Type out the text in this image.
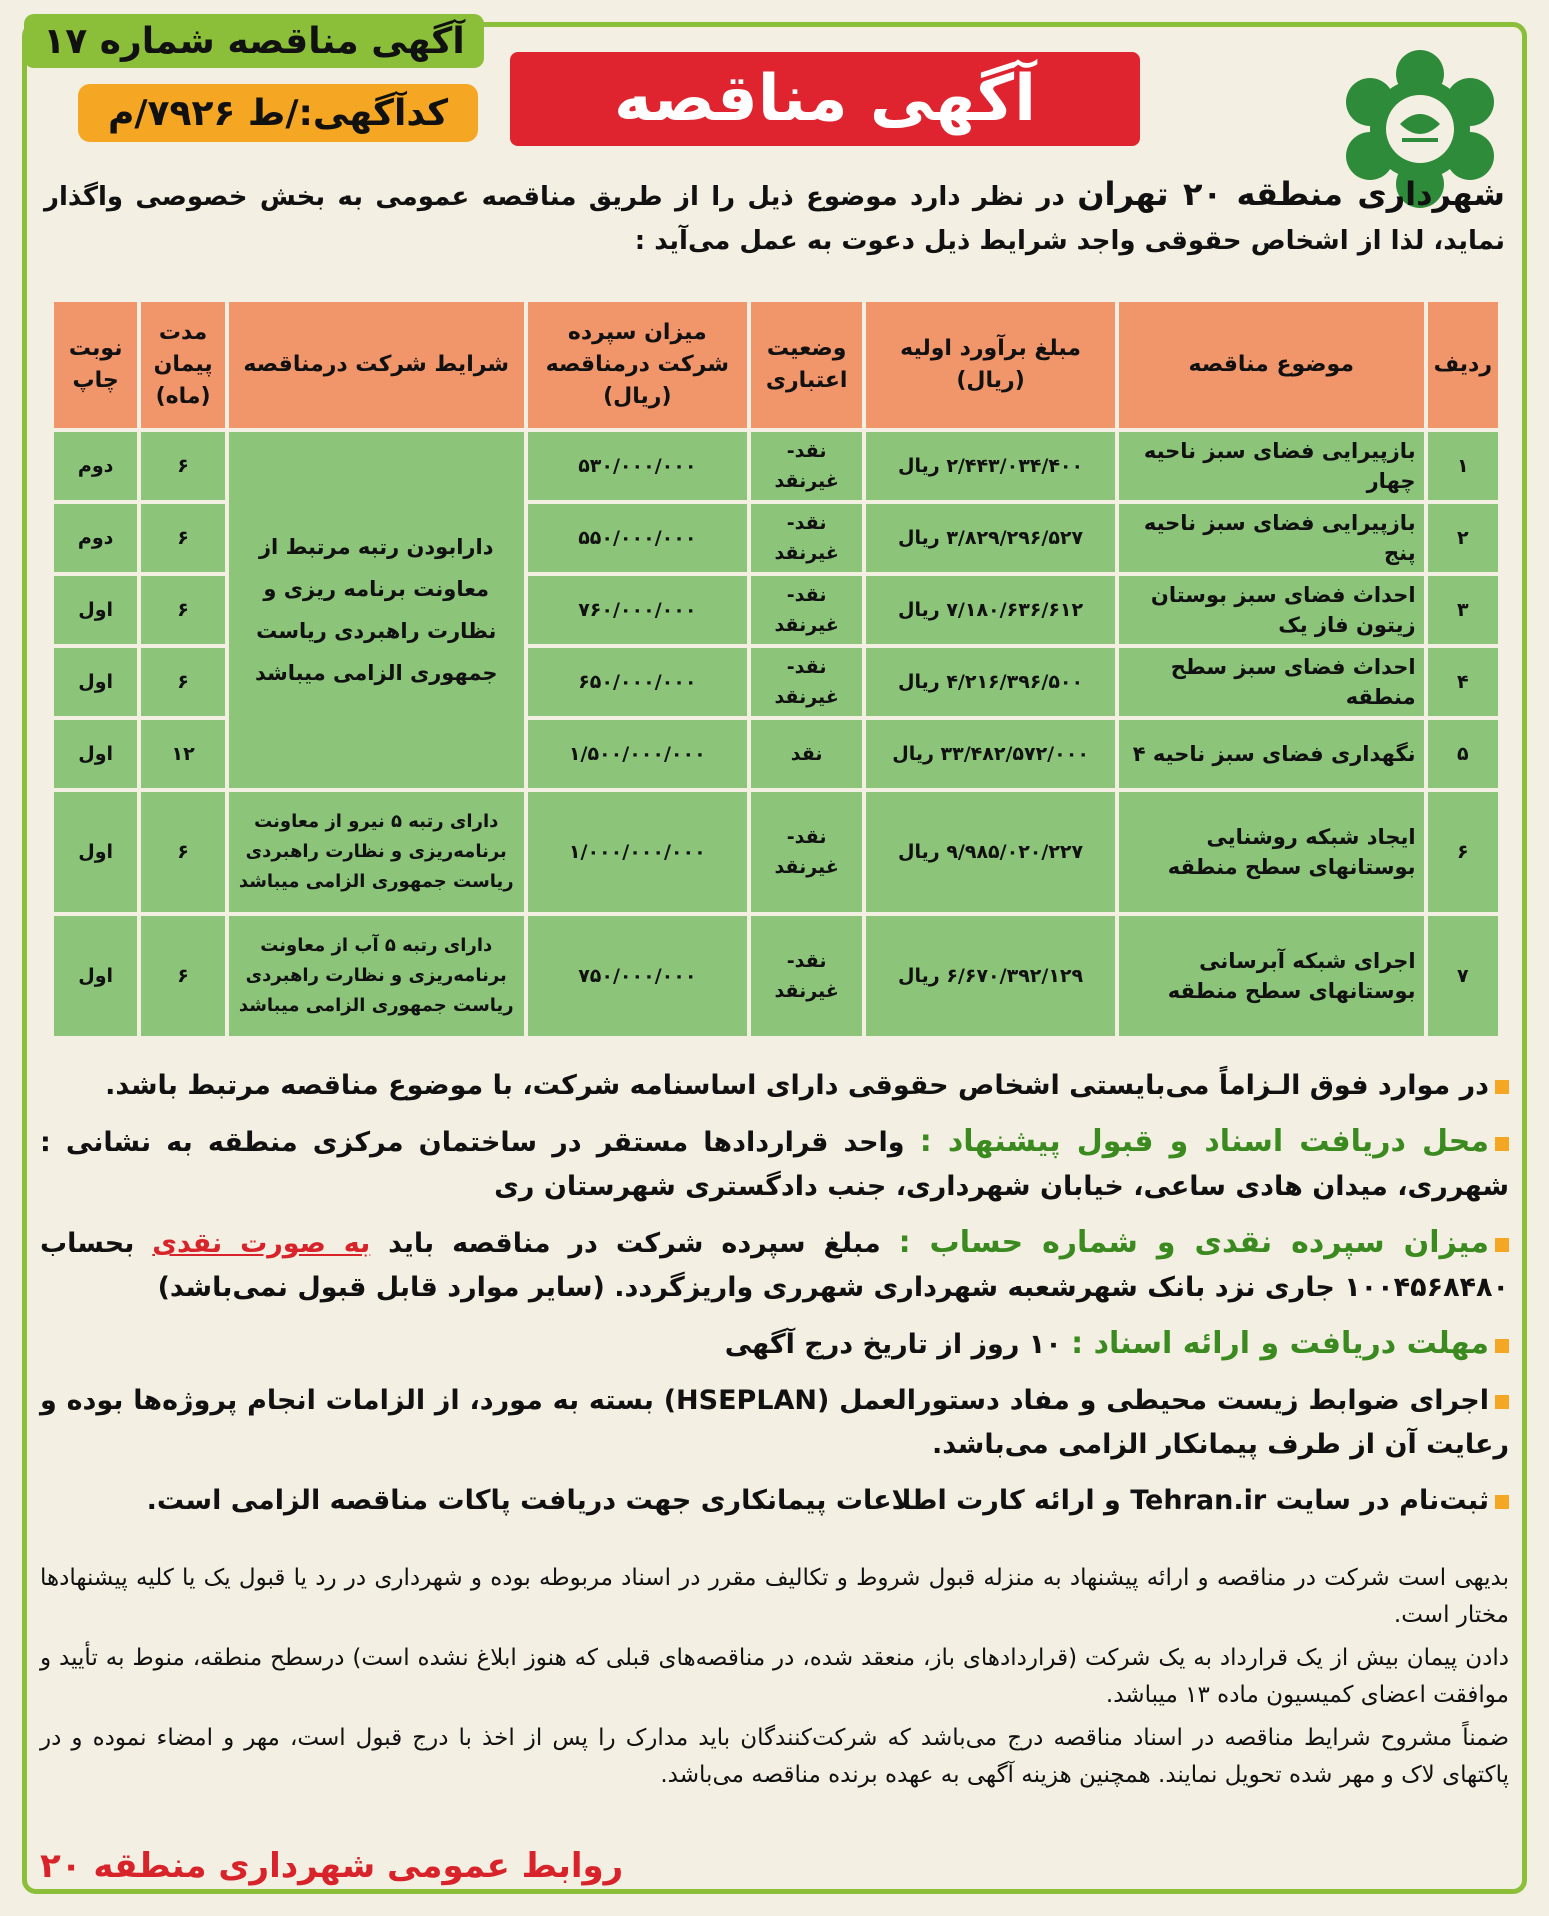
آگهی مناقصه شماره ۱۷
کدآگهی:/ط ۷۹۲۶/م	آگهی مناقصه
شهرداری منطقه ۲۰ تهران در نظر دارد موضوع ذیل را از طریق مناقصه عمومی به بخش خصوصی واگذار نماید، لذا از اشخاص حقوقی واجد شرایط ذیل دعوت به عمل می‌آید :
ردیف	موضوع مناقصه	مبلغ برآورد اولیه (ریال)	وضعیت اعتباری	میزان سپرده شرکت درمناقصه (ریال)	شرایط شرکت درمناقصه	مدت پیمان (ماه)	نوبت چاپ
۱	بازپیرایی فضای سبز ناحیه چهار	۲/۴۴۳/۰۳۴/۴۰۰ ریال	نقد- غیرنقد	۵۳۰/۰۰۰/۰۰۰	دارابودن رتبه مرتبط از معاونت برنامه ریزی و نظارت راهبردی ریاست جمهوری الزامی میباشد	۶	دوم
۲	بازپیرایی فضای سبز ناحیه پنج	۳/۸۲۹/۲۹۶/۵۲۷ ریال	نقد- غیرنقد	۵۵۰/۰۰۰/۰۰۰		۶	دوم
۳	احداث فضای سبز بوستان زیتون فاز یک	۷/۱۸۰/۶۳۶/۶۱۲ ریال	نقد- غیرنقد	۷۶۰/۰۰۰/۰۰۰		۶	اول
۴	احداث فضای سبز سطح منطقه	۴/۲۱۶/۳۹۶/۵۰۰ ریال	نقد- غیرنقد	۶۵۰/۰۰۰/۰۰۰		۶	اول
۵	نگهداری فضای سبز ناحیه ۴	۳۳/۴۸۲/۵۷۲/۰۰۰ ریال	نقد	۱/۵۰۰/۰۰۰/۰۰۰		۱۲	اول
۶	ایجاد شبکه روشنایی بوستانهای سطح منطقه	۹/۹۸۵/۰۲۰/۲۲۷ ریال	نقد- غیرنقد	۱/۰۰۰/۰۰۰/۰۰۰	دارای رتبه ۵ نیرو از معاونت برنامه‌ریزی و نظارت راهبردی ریاست جمهوری الزامی میباشد	۶	اول
۷	اجرای شبکه آبرسانی بوستانهای سطح منطقه	۶/۶۷۰/۳۹۲/۱۲۹ ریال	نقد- غیرنقد	۷۵۰/۰۰۰/۰۰۰	دارای رتبه ۵ آب از معاونت برنامه‌ریزی و نظارت راهبردی ریاست جمهوری الزامی میباشد	۶	اول

در موارد فوق الـزاماً می‌بایستی اشخاص حقوقی دارای اساسنامه شرکت، با موضوع مناقصه مرتبط باشد.

محل دریافت اسناد و قبول پیشنهاد : واحد قراردادها مستقر در ساختمان مرکزی منطقه به نشانی : شهرری، میدان هادی ساعی، خیابان شهرداری، جنب دادگستری شهرستان ری

میزان سپرده نقدی و شماره حساب : مبلغ سپرده شرکت در مناقصه باید به صورت نقدی بحساب ۱۰۰۴۵۶۸۴۸۰ جاری نزد بانک شهرشعبه شهرداری شهرری واریزگردد. (سایر موارد قابل قبول نمی‌باشد)

مهلت دریافت و ارائه اسناد : ۱۰ روز از تاریخ درج آگهی

اجرای ضوابط زیست محیطی و مفاد دستورالعمل (HSEPLAN) بسته به مورد، از الزامات انجام پروژه‌ها بوده و رعایت آن از طرف پیمانکار الزامی می‌باشد.

ثبت‌نام در سایت Tehran.ir و ارائه کارت اطلاعات پیمانکاری جهت دریافت پاکات مناقصه الزامی است.

بدیهی است شرکت در مناقصه و ارائه پیشنهاد به منزله قبول شروط و تکالیف مقرر در اسناد مربوطه بوده و شهرداری در رد یا قبول یک یا کلیه پیشنهادها مختار است.

دادن پیمان بیش از یک قرارداد به یک شرکت (قراردادهای باز، منعقد شده، در مناقصه‌های قبلی که هنوز ابلاغ نشده است) درسطح منطقه، منوط به تأیید و موافقت اعضای کمیسیون ماده ۱۳ میباشد.

ضمناً مشروح شرایط مناقصه در اسناد مناقصه درج می‌باشد که شرکت‌کنندگان باید مدارک را پس از اخذ با درج قبول است، مهر و امضاء نموده و در پاکتهای لاک و مهر شده تحویل نمایند. همچنین هزینه آگهی به عهده برنده مناقصه می‌باشد.

روابط عمومی شهرداری منطقه ۲۰
